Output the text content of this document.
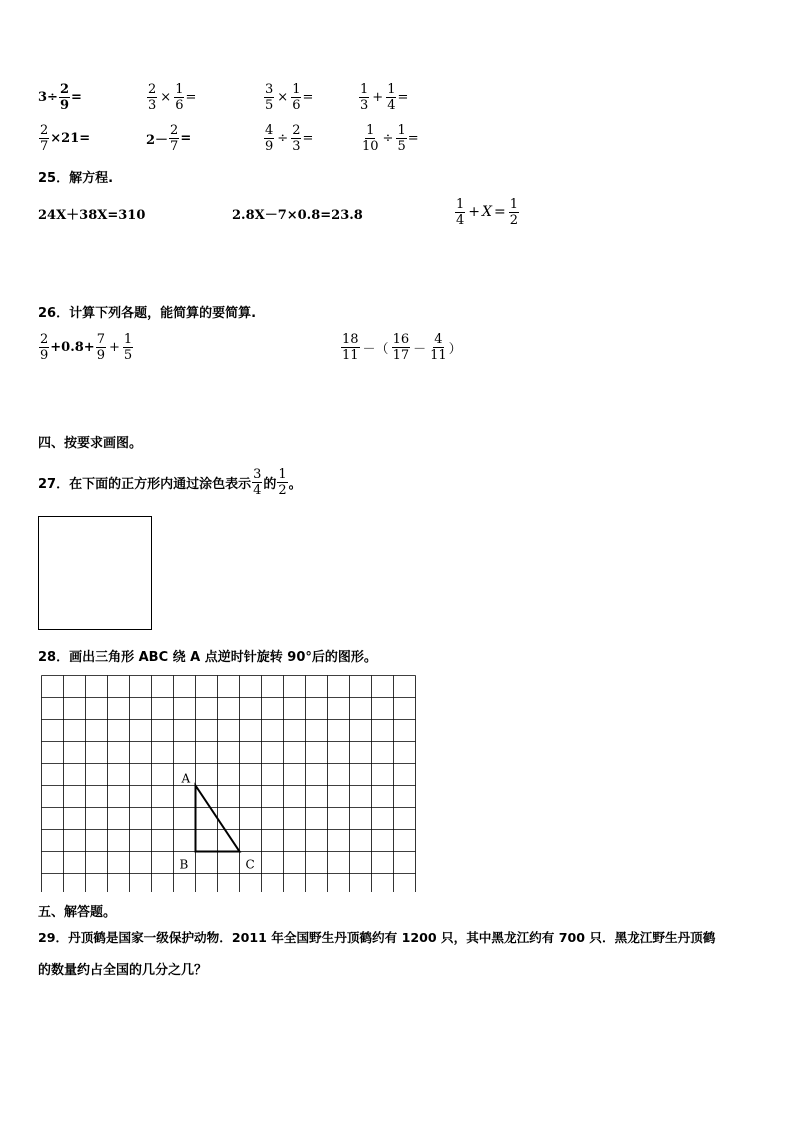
$3\div \frac{2}{9}$ =	$\frac{2}{3} \times \frac{1}{6}$ =	$\frac{3}{5} \times \frac{1}{6}$ =	$\frac{1}{3} + \frac{1}{4}$ =
$\frac{2}{7} \times 21=$	$2- \frac{2}{7}$ =	$\frac{4}{9} \div \frac{2}{3}$ =	$\frac{1}{10} \div \frac{1}{5}$ =
25．解方程.
24X＋38X=310	2.8X－7×0.8=23.8	$\frac{1}{4} + X = \frac{1}{2}$
26．计算下列各题，能简算的要简算.
$\frac{2}{9} +0.8+ \frac{7}{9} + \frac{1}{5}$	$\frac{18}{11}$ －（ $\frac{16}{17} - \frac{4}{11}$ ）
四、按要求画图。
27．在下面的正方形内通过涂色表示 $\frac{3}{4}$ 的 $\frac{1}{2}$ 。
28．画出三角形 ABC 绕 A 点逆时针旋转 90°后的图形。
A
B	C
五、解答题。
29．丹顶鹤是国家一级保护动物．2011 年全国野生丹顶鹤约有 1200 只，其中黑龙江约有 700 只．黑龙江野生丹顶鹤
的数量约占全国的几分之几？
